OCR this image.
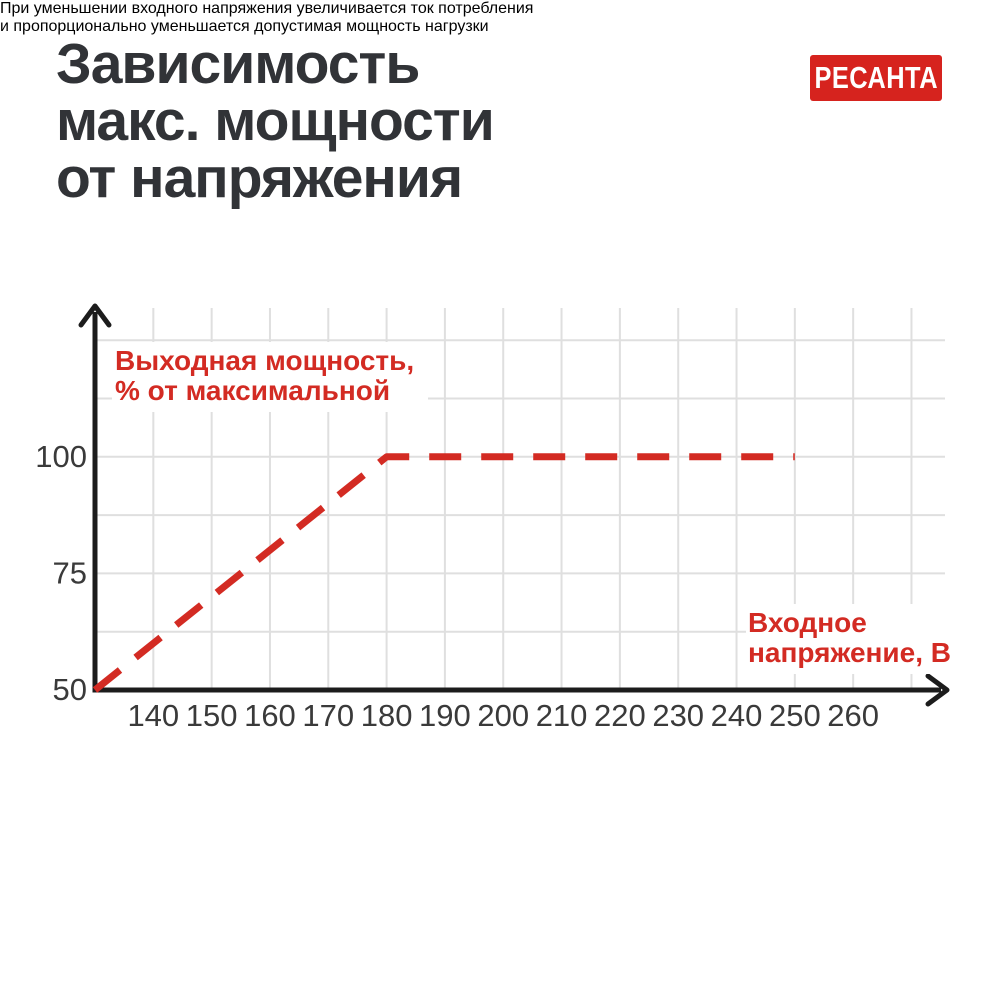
Зависимость
макс. мощности
от напряжения
РЕСАНТА
140 150 160 170 180 190 200 210 220 230 240 250 260
50
75
100
Выходная мощность,
% от максимальной
Входное
напряжение, В

При уменьшении входного напряжения увеличивается ток потребления
и пропорционально уменьшается допустимая мощность нагрузки
